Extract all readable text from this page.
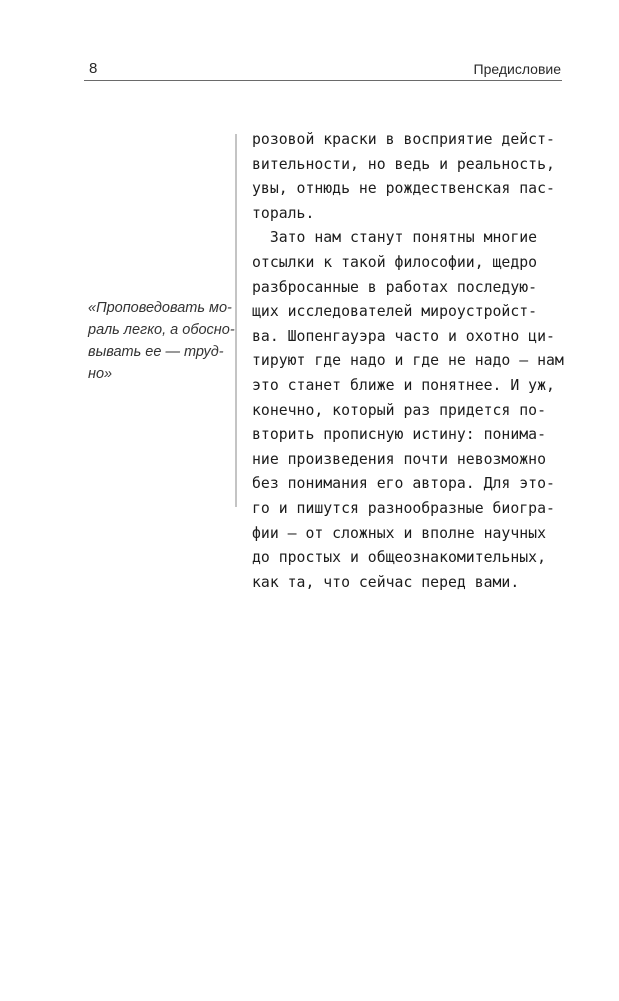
8	Предисловие

«Проповедовать мо-
раль легко, а обосно-
вывать ее — труд-
но»

розовой краски в восприятие дейст-
вительности, но ведь и реальность,
увы, отнюдь не рождественская пас-
тораль.
Зато нам станут понятны многие
отсылки к такой философии, щедро
разбросанные в работах последую-
щих исследователей мироустройст-
ва. Шопенгауэра часто и охотно ци-
тируют где надо и где не надо — нам
это станет ближе и понятнее. И уж,
конечно, который раз придется по-
вторить прописную истину: понима-
ние произведения почти невозможно
без понимания его автора. Для это-
го и пишутся разнообразные биогра-
фии — от сложных и вполне научных
до простых и общеознакомительных,
как та, что сейчас перед вами.
